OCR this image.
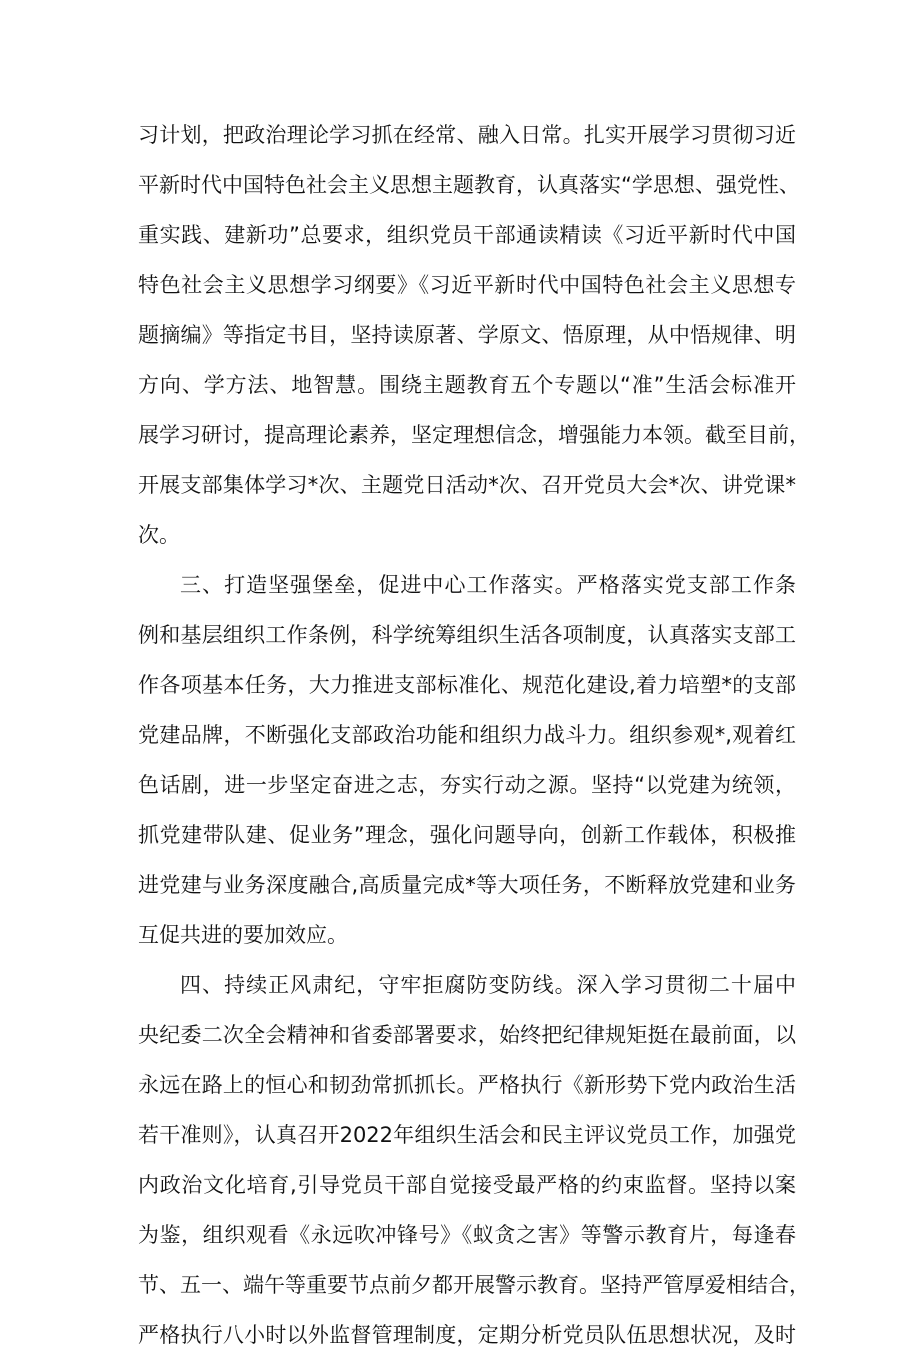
习计划，把政治理论学习抓在经常、融入日常。扎实开展学习贯彻习近
平新时代中国特色社会主义思想主题教育，认真落实“学思想、强党性、
重实践、建新功”总要求，组织党员干部通读精读《习近平新时代中国
特色社会主义思想学习纲要》《习近平新时代中国特色社会主义思想专
题摘编》等指定书目，坚持读原著、学原文、悟原理，从中悟规律、明
方向、学方法、地智慧。围绕主题教育五个专题以“准”生活会标准开
展学习研讨，提高理论素养，坚定理想信念，增强能力本领。截至目前，
开展支部集体学习*次、主题党日活动*次、召开党员大会*次、讲党课*
次。
三、打造坚强堡垒，促进中心工作落实。严格落实党支部工作条
例和基层组织工作条例，科学统筹组织生活各项制度，认真落实支部工
作各项基本任务，大力推进支部标准化、规范化建设,着力培塑*的支部
党建品牌，不断强化支部政治功能和组织力战斗力。组织参观*,观着红
色话剧，进一步坚定奋进之志，夯实行动之源。坚持“以党建为统领，
抓党建带队建、促业务”理念，强化问题导向，创新工作载体，积极推
进党建与业务深度融合,高质量完成*等大项任务，不断释放党建和业务
互促共进的要加效应。
四、持续正风肃纪，守牢拒腐防变防线。深入学习贯彻二十届中
央纪委二次全会精神和省委部署要求，始终把纪律规矩挺在最前面，以
永远在路上的恒心和韧劲常抓抓长。严格执行《新形势下党内政治生活
若干准则》，认真召开2022年组织生活会和民主评议党员工作，加强党
内政治文化培育,引导党员干部自觉接受最严格的约束监督。坚持以案
为鉴，组织观看《永远吹冲锋号》《蚁贪之害》等警示教育片，每逢春
节、五一、端午等重要节点前夕都开展警示教育。坚持严管厚爱相结合，
严格执行八小时以外监督管理制度，定期分析党员队伍思想状况，及时
